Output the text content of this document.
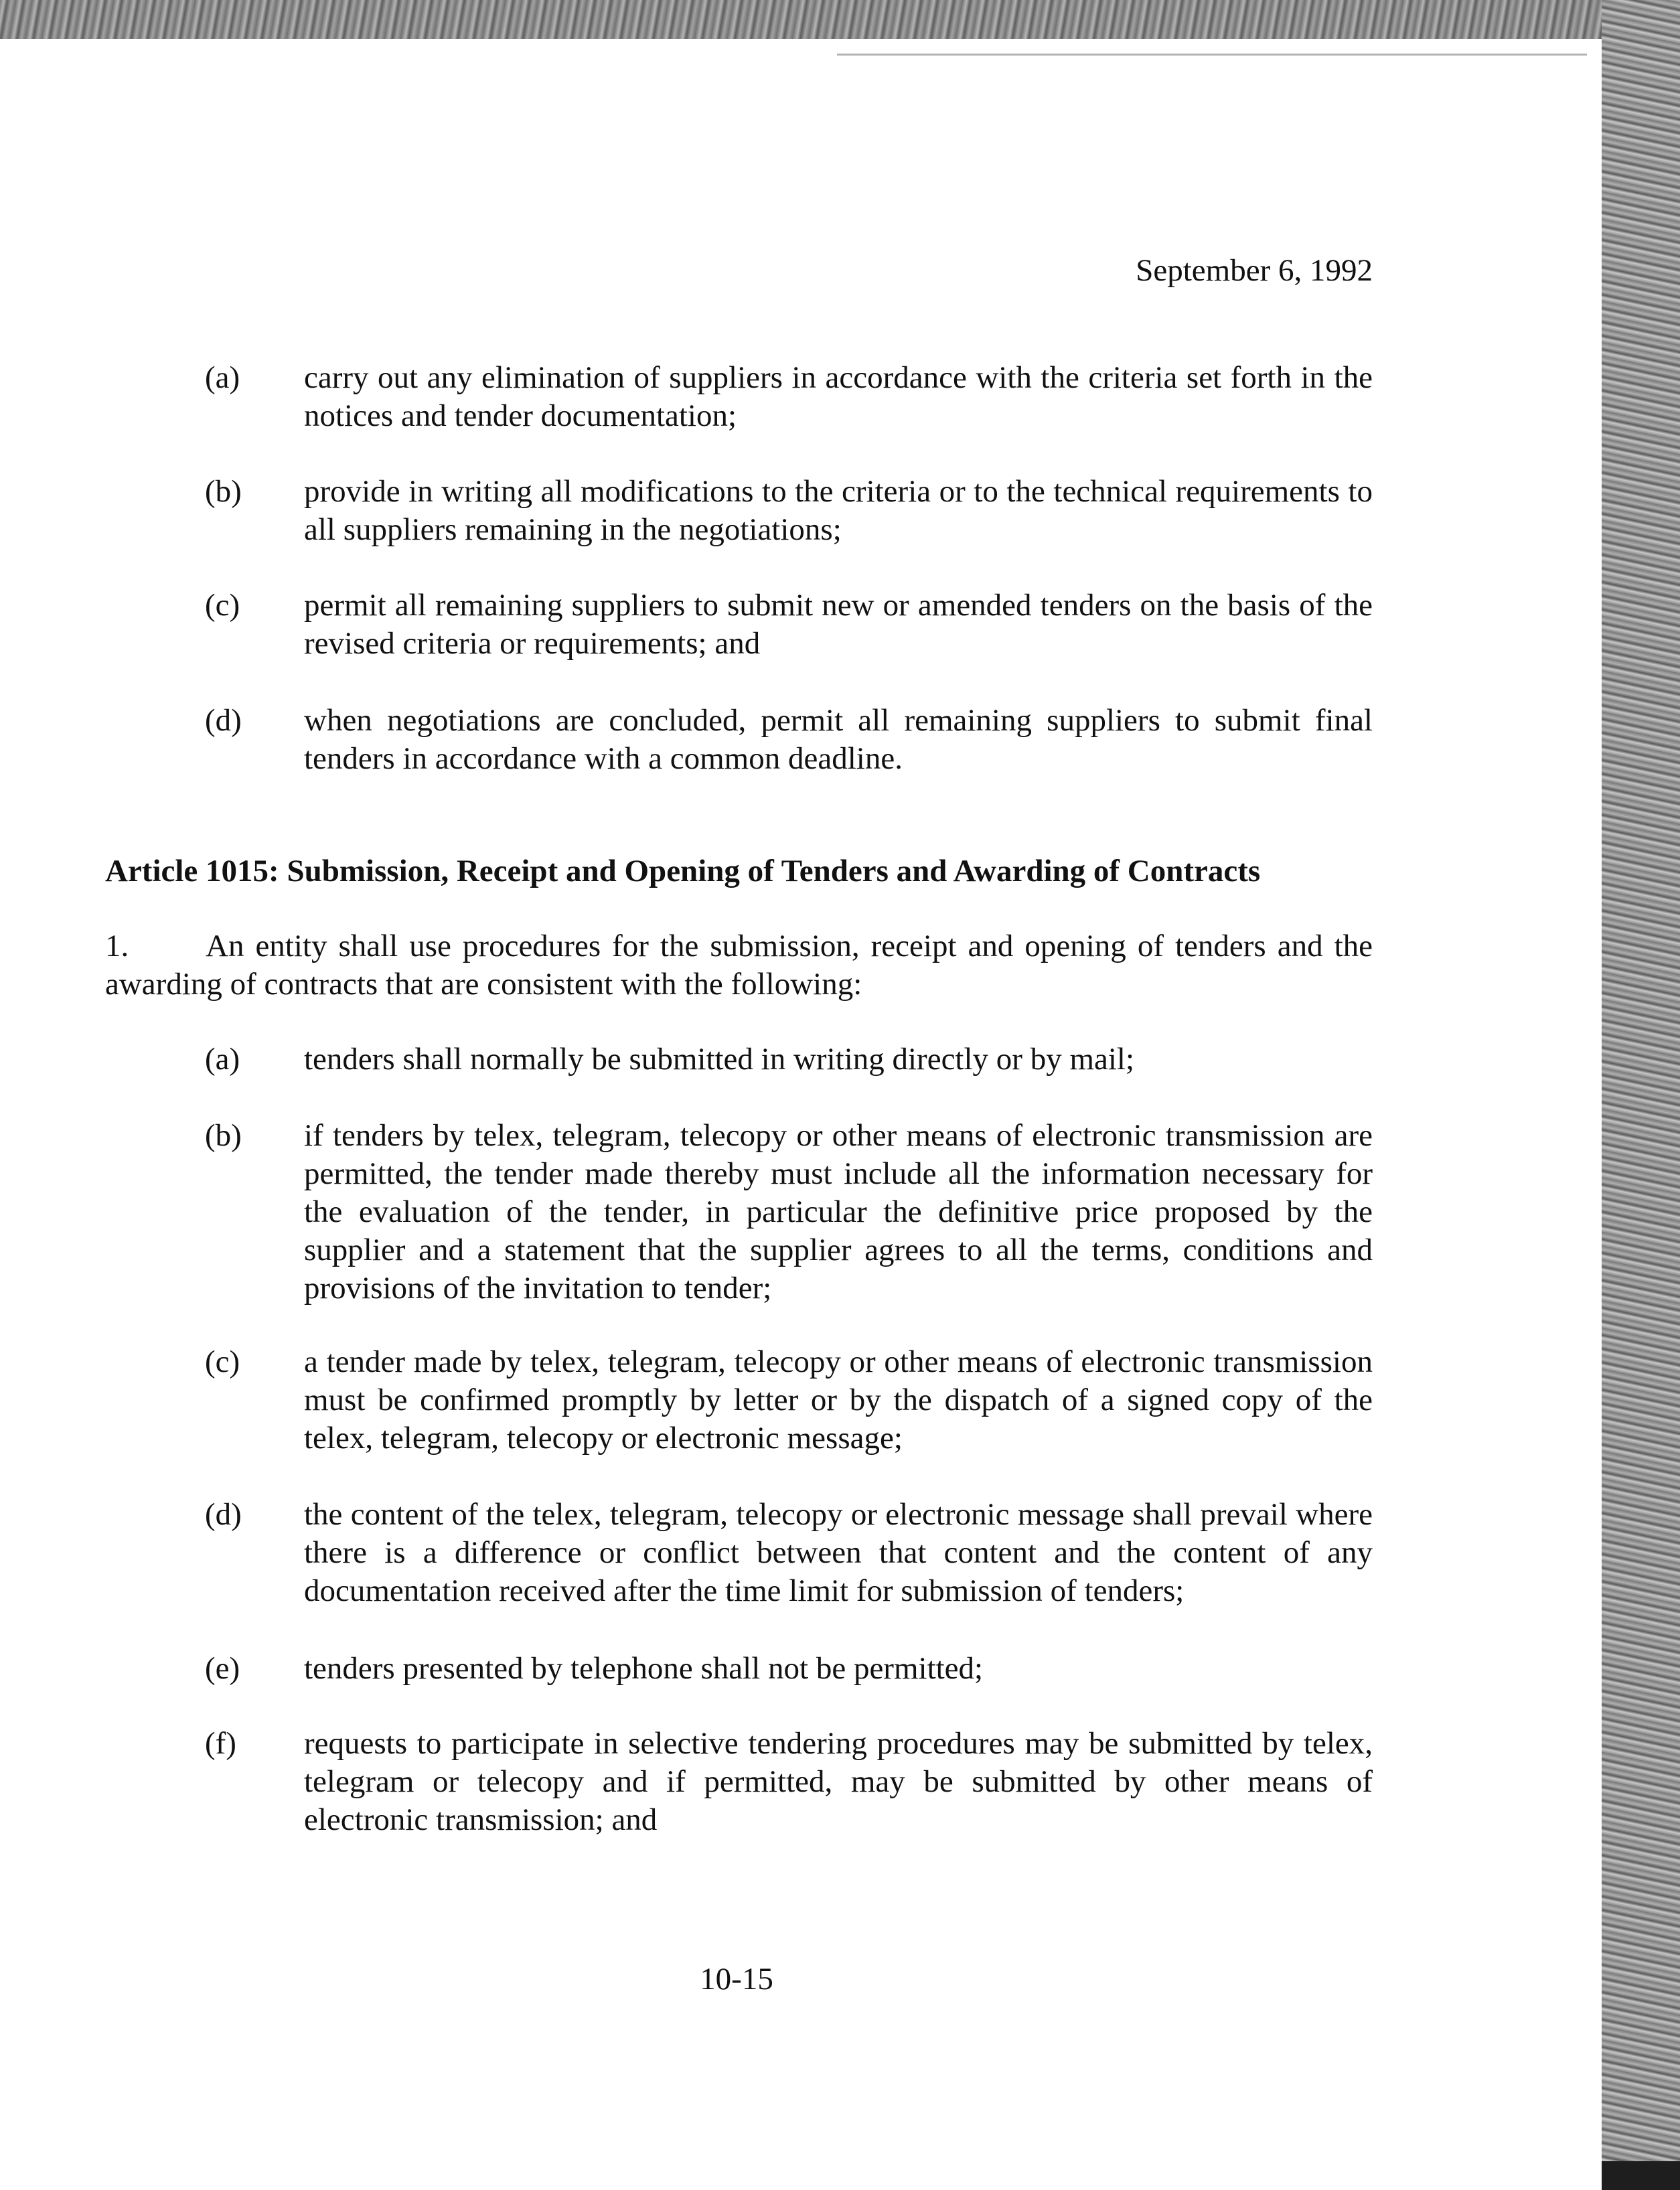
September 6, 1992

(a) carry out any elimination of suppliers in accordance with the criteria set forth in the notices and tender documentation;
(b) provide in writing all modifications to the criteria or to the technical requirements to all suppliers remaining in the negotiations;
(c) permit all remaining suppliers to submit new or amended tenders on the basis of the revised criteria or requirements; and
(d) when negotiations are concluded, permit all remaining suppliers to submit final tenders in accordance with a common deadline.

Article 1015: Submission, Receipt and Opening of Tenders and Awarding of Contracts

1. An entity shall use procedures for the submission, receipt and opening of tenders and the awarding of contracts that are consistent with the following:

(a) tenders shall normally be submitted in writing directly or by mail;
(b) if tenders by telex, telegram, telecopy or other means of electronic transmission are permitted, the tender made thereby must include all the information necessary for the evaluation of the tender, in particular the definitive price proposed by the supplier and a statement that the supplier agrees to all the terms, conditions and provisions of the invitation to tender;
(c) a tender made by telex, telegram, telecopy or other means of electronic transmission must be confirmed promptly by letter or by the dispatch of a signed copy of the telex, telegram, telecopy or electronic message;
(d) the content of the telex, telegram, telecopy or electronic message shall prevail where there is a difference or conflict between that content and the content of any documentation received after the time limit for submission of tenders;
(e) tenders presented by telephone shall not be permitted;
(f) requests to participate in selective tendering procedures may be submitted by telex, telegram or telecopy and if permitted, may be submitted by other means of electronic transmission; and

10-15
